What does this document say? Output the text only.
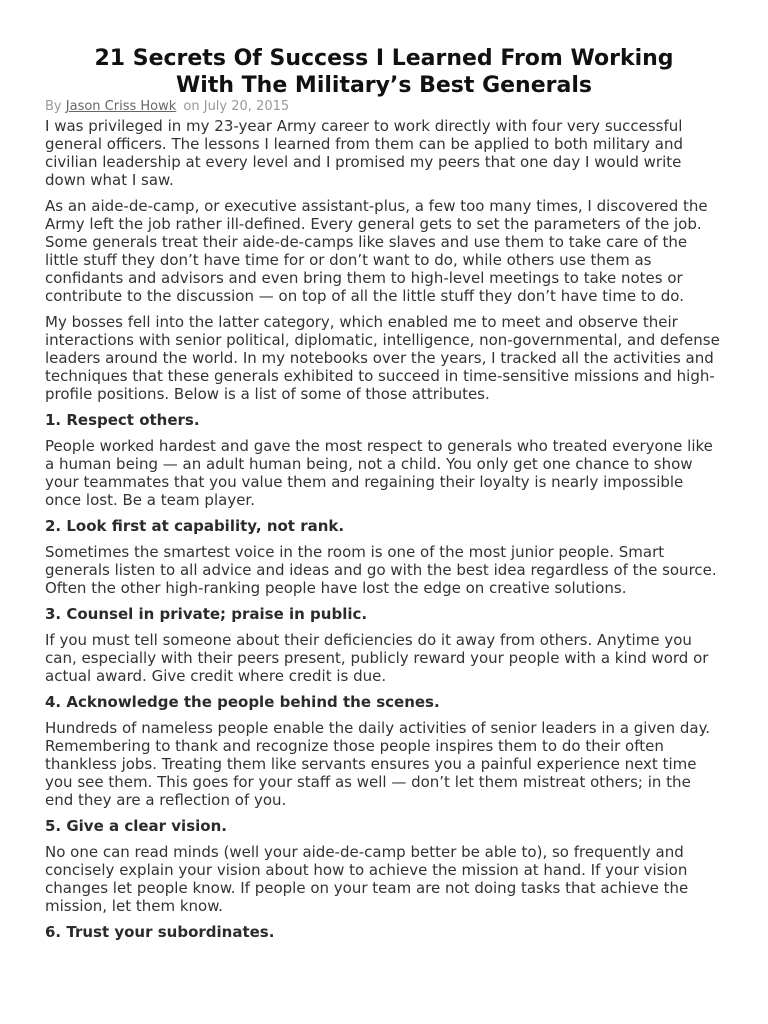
21 Secrets Of Success I Learned From Working
With The Military’s Best Generals
By Jason Criss Howk on July 20, 2015

I was privileged in my 23-year Army career to work directly with four very successful
general officers. The lessons I learned from them can be applied to both military and
civilian leadership at every level and I promised my peers that one day I would write
down what I saw.

As an aide-de-camp, or executive assistant-plus, a few too many times, I discovered the
Army left the job rather ill-defined. Every general gets to set the parameters of the job.
Some generals treat their aide-de-camps like slaves and use them to take care of the
little stuff they don’t have time for or don’t want to do, while others use them as
confidants and advisors and even bring them to high-level meetings to take notes or
contribute to the discussion — on top of all the little stuff they don’t have time to do.

My bosses fell into the latter category, which enabled me to meet and observe their
interactions with senior political, diplomatic, intelligence, non-governmental, and defense
leaders around the world. In my notebooks over the years, I tracked all the activities and
techniques that these generals exhibited to succeed in time-sensitive missions and high-
profile positions. Below is a list of some of those attributes.

1. Respect others.

People worked hardest and gave the most respect to generals who treated everyone like
a human being — an adult human being, not a child. You only get one chance to show
your teammates that you value them and regaining their loyalty is nearly impossible
once lost. Be a team player.

2. Look first at capability, not rank.

Sometimes the smartest voice in the room is one of the most junior people. Smart
generals listen to all advice and ideas and go with the best idea regardless of the source.
Often the other high-ranking people have lost the edge on creative solutions.

3. Counsel in private; praise in public.

If you must tell someone about their deficiencies do it away from others. Anytime you
can, especially with their peers present, publicly reward your people with a kind word or
actual award. Give credit where credit is due.

4. Acknowledge the people behind the scenes.

Hundreds of nameless people enable the daily activities of senior leaders in a given day.
Remembering to thank and recognize those people inspires them to do their often
thankless jobs. Treating them like servants ensures you a painful experience next time
you see them. This goes for your staff as well — don’t let them mistreat others; in the
end they are a reflection of you.

5. Give a clear vision.

No one can read minds (well your aide-de-camp better be able to), so frequently and
concisely explain your vision about how to achieve the mission at hand. If your vision
changes let people know. If people on your team are not doing tasks that achieve the
mission, let them know.

6. Trust your subordinates.
